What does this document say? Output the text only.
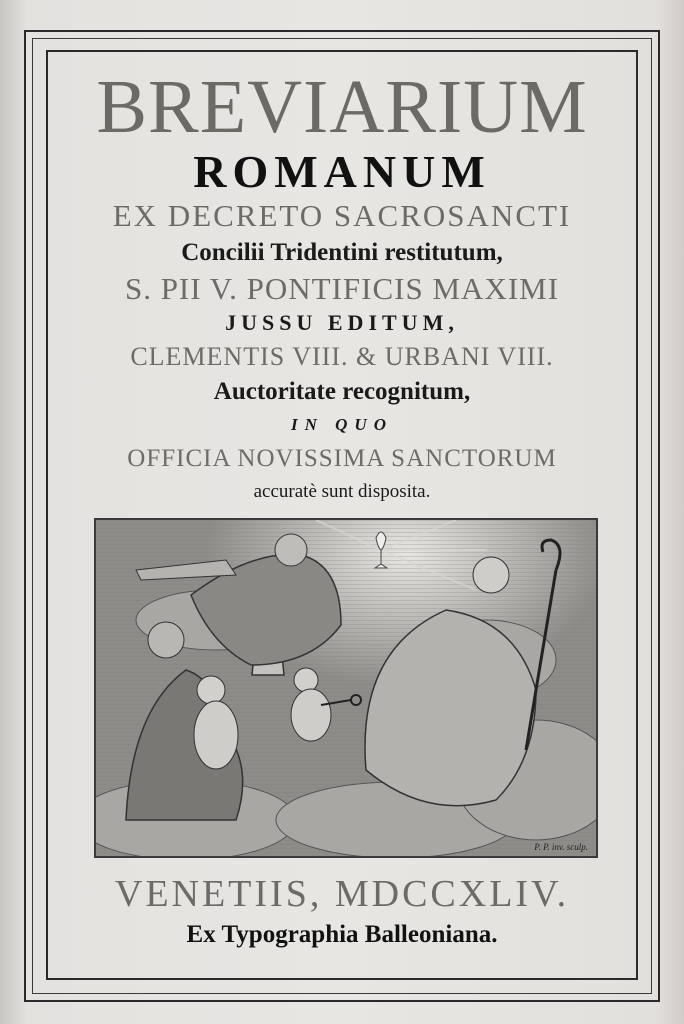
BREVIARIUM
ROMANUM
EX DECRETO SACROSANCTI
Concilii Tridentini restitutum,
S. PII V. PONTIFICIS MAXIMI
JUSSU EDITUM,
CLEMENTIS VIII. & URBANI VIII.
Auctoritate recognitum,
IN QUO
OFFICIA NOVISSIMA SANCTORUM
accuratè sunt disposita.
P. P. inv. sculp.
VENETIIS, MDCCXLIV.
Ex Typographia Balleoniana.
